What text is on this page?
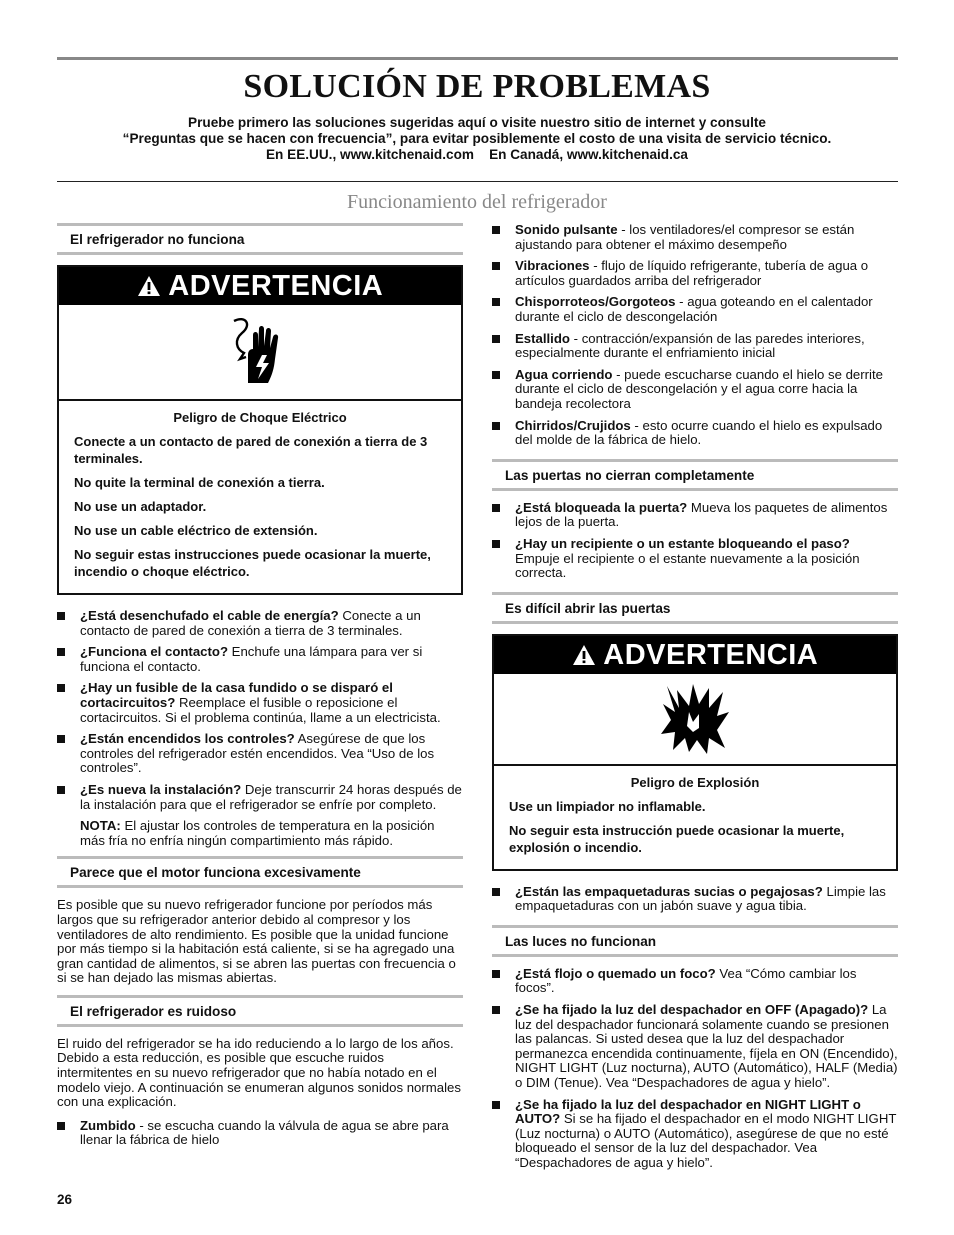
SOLUCIÓN DE PROBLEMAS
Pruebe primero las soluciones sugeridas aquí o visite nuestro sitio de internet y consulte
“Preguntas que se hacen con frecuencia”, para evitar posiblemente el costo de una visita de servicio técnico.
En EE.UU., www.kitchenaid.com    En Canadá, www.kitchenaid.ca
Funcionamiento del refrigerador
El refrigerador no funciona
ADVERTENCIA
Peligro de Choque Eléctrico

Conecte a un contacto de pared de conexión a tierra de 3 terminales.

No quite la terminal de conexión a tierra.

No use un adaptador.

No use un cable eléctrico de extensión.

No seguir estas instrucciones puede ocasionar la muerte, incendio o choque eléctrico.

¿Está desenchufado el cable de energía? Conecte a un contacto de pared de conexión a tierra de 3 terminales.
¿Funciona el contacto? Enchufe una lámpara para ver si funciona el contacto.
¿Hay un fusible de la casa fundido o se disparó el cortacircuitos? Reemplace el fusible o reposicione el cortacircuitos. Si el problema continúa, llame a un electricista.
¿Están encendidos los controles? Asegúrese de que los controles del refrigerador estén encendidos. Vea “Uso de los controles”.
¿Es nueva la instalación? Deje transcurrir 24 horas después de la instalación para que el refrigerador se enfríe por completo.

NOTA: El ajustar los controles de temperatura en la posición más fría no enfría ningún compartimiento más rápido.

Parece que el motor funciona excesivamente

Es posible que su nuevo refrigerador funcione por períodos más largos que su refrigerador anterior debido al compresor y los ventiladores de alto rendimiento. Es posible que la unidad funcione por más tiempo si la habitación está caliente, si se ha agregado una gran cantidad de alimentos, si se abren las puertas con frecuencia o si se han dejado las mismas abiertas.

El refrigerador es ruidoso

El ruido del refrigerador se ha ido reduciendo a lo largo de los años. Debido a esta reducción, es posible que escuche ruidos intermitentes en su nuevo refrigerador que no había notado en el modelo viejo. A continuación se enumeran algunos sonidos normales con una explicación.

Zumbido - se escucha cuando la válvula de agua se abre para llenar la fábrica de hielo
Sonido pulsante - los ventiladores/el compresor se están ajustando para obtener el máximo desempeño
Vibraciones - flujo de líquido refrigerante, tubería de agua o artículos guardados arriba del refrigerador
Chisporroteos/Gorgoteos - agua goteando en el calentador durante el ciclo de descongelación
Estallido - contracción/expansión de las paredes interiores, especialmente durante el enfriamiento inicial
Agua corriendo - puede escucharse cuando el hielo se derrite durante el ciclo de descongelación y el agua corre hacia la bandeja recolectora
Chirridos/Crujidos - esto ocurre cuando el hielo es expulsado del molde de la fábrica de hielo.
Las puertas no cierran completamente
¿Está bloqueada la puerta? Mueva los paquetes de alimentos lejos de la puerta.
¿Hay un recipiente o un estante bloqueando el paso? Empuje el recipiente o el estante nuevamente a la posición correcta.
Es difícil abrir las puertas
ADVERTENCIA
Peligro de Explosión

Use un limpiador no inflamable.

No seguir esta instrucción puede ocasionar la muerte, explosión o incendio.

¿Están las empaquetaduras sucias o pegajosas? Limpie las empaquetaduras con un jabón suave y agua tibia.
Las luces no funcionan
¿Está flojo o quemado un foco? Vea “Cómo cambiar los focos”.
¿Se ha fijado la luz del despachador en OFF (Apagado)? La luz del despachador funcionará solamente cuando se presionen las palancas. Si usted desea que la luz del despachador permanezca encendida continuamente, fíjela en ON (Encendido), NIGHT LIGHT (Luz nocturna), AUTO (Automático), HALF (Media) o DIM (Tenue). Vea “Despachadores de agua y hielo”.
¿Se ha fijado la luz del despachador en NIGHT LIGHT o AUTO? Si se ha fijado el despachador en el modo NIGHT LIGHT (Luz nocturna) o AUTO (Automático), asegúrese de que no esté bloqueado el sensor de la luz del despachador. Vea “Despachadores de agua y hielo”.
26
